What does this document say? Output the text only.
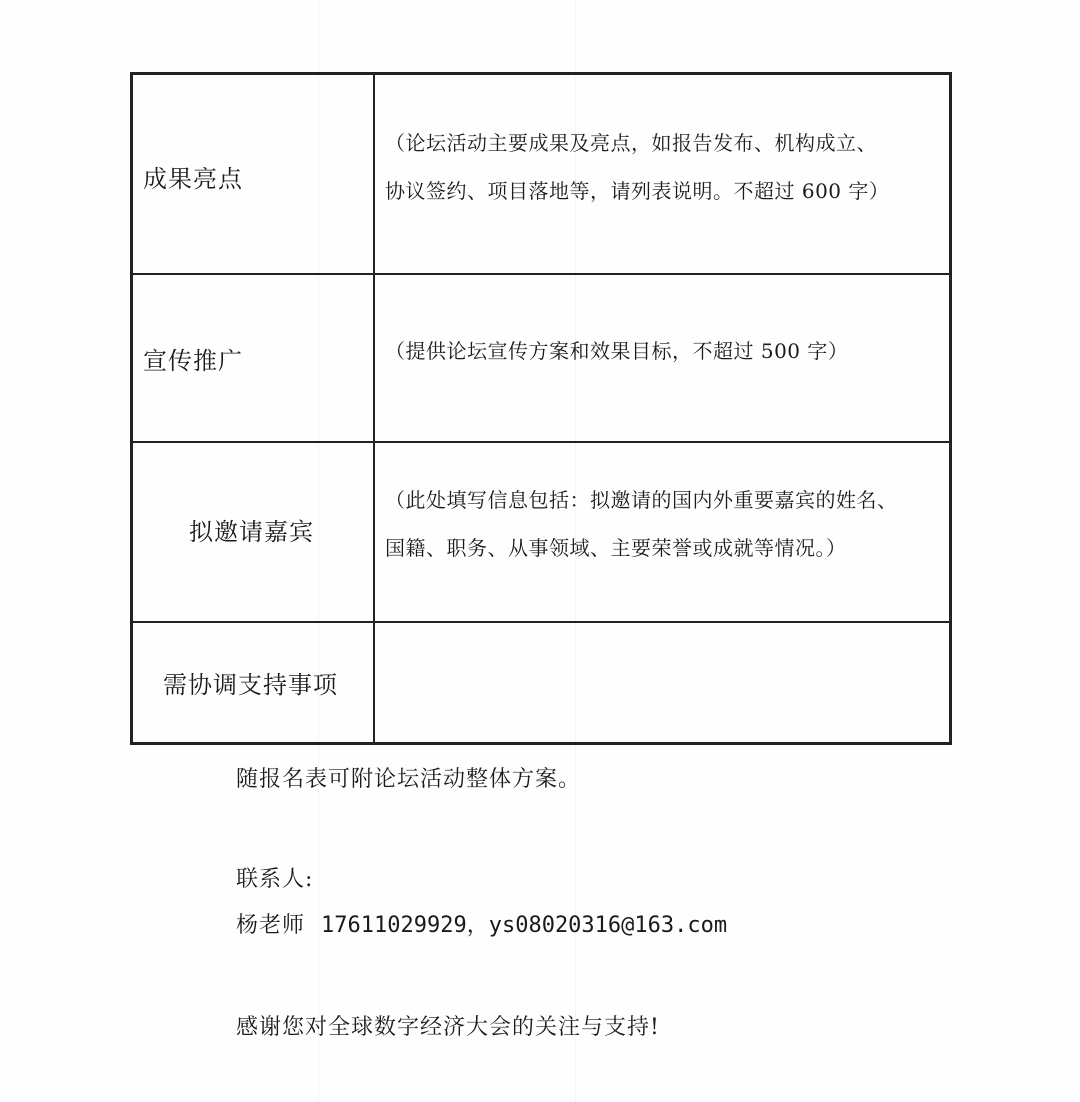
成果亮点	（论坛活动主要成果及亮点，如报告发布、机构成立、
协议签约、项目落地等，请列表说明。不超过 600 字）

宣传推广	（提供论坛宣传方案和效果目标，不超过 500 字）

拟邀请嘉宾	（此处填写信息包括：拟邀请的国内外重要嘉宾的姓名、
国籍、职务、从事领域、主要荣誉或成就等情况。）

需协调支持事项	

随报名表可附论坛活动整体方案。
联系人:
杨老师 17611029929，ys08020316@163.com
感谢您对全球数字经济大会的关注与支持!
